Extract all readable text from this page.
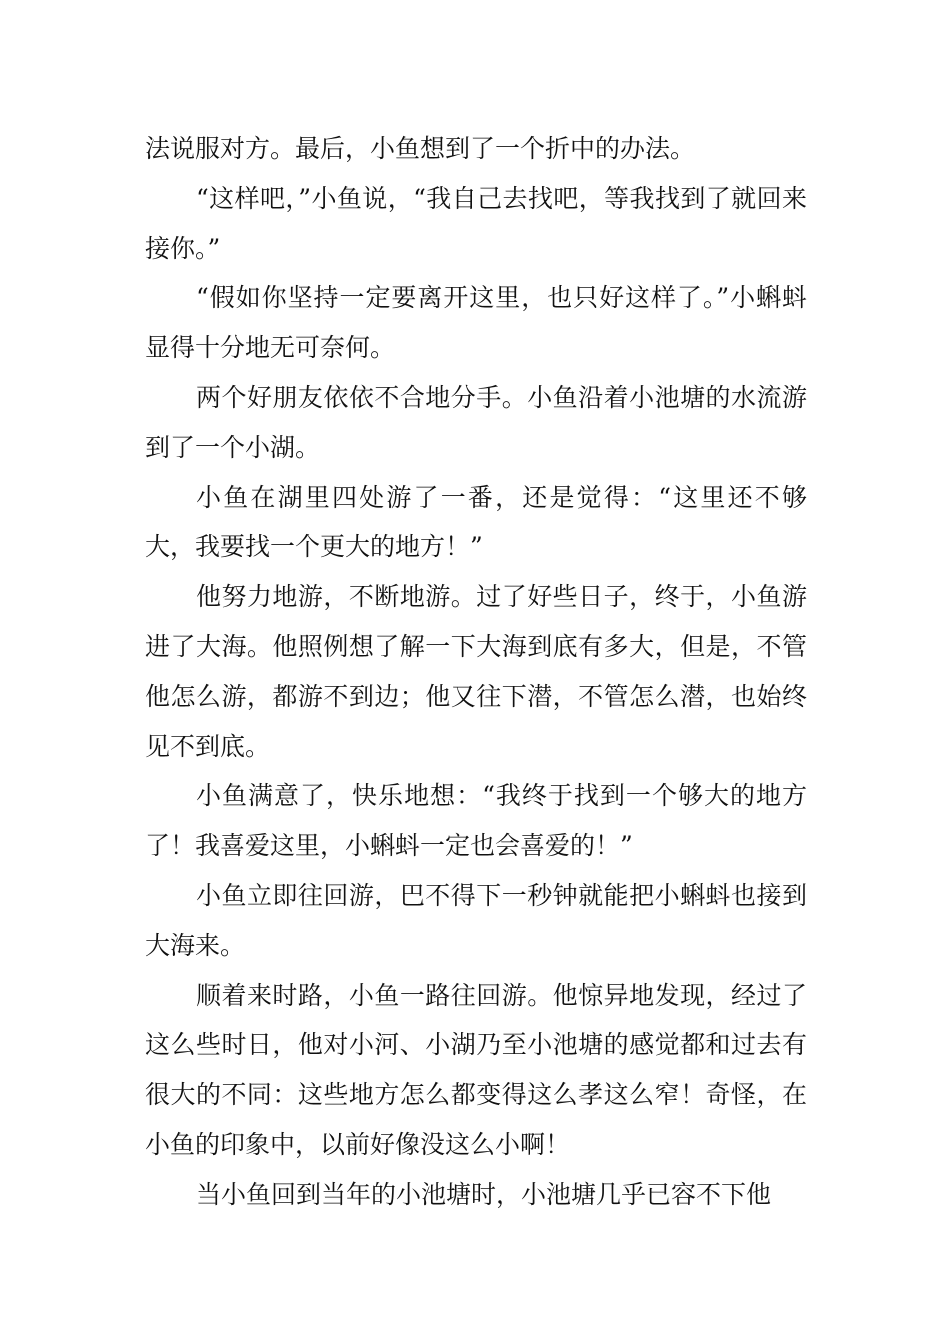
法说服对方。最后，小鱼想到了一个折中的办法。

“这样吧，”小鱼说，“我自己去找吧，等我找到了就回来接你。”

“假如你坚持一定要离开这里，也只好这样了。”小蝌蚪显得十分地无可奈何。

两个好朋友依依不合地分手。小鱼沿着小池塘的水流游到了一个小湖。

小鱼在湖里四处游了一番，还是觉得：“这里还不够大，我要找一个更大的地方！”

他努力地游，不断地游。过了好些日子，终于，小鱼游进了大海。他照例想了解一下大海到底有多大，但是，不管他怎么游，都游不到边；他又往下潜，不管怎么潜，也始终见不到底。

小鱼满意了，快乐地想：“我终于找到一个够大的地方了！我喜爱这里，小蝌蚪一定也会喜爱的！”

小鱼立即往回游，巴不得下一秒钟就能把小蝌蚪也接到大海来。

顺着来时路，小鱼一路往回游。他惊异地发现，经过了这么些时日，他对小河、小湖乃至小池塘的感觉都和过去有很大的不同：这些地方怎么都变得这么孝这么窄！奇怪，在小鱼的印象中，以前好像没这么小啊！

当小鱼回到当年的小池塘时，小池塘几乎已容不下他
